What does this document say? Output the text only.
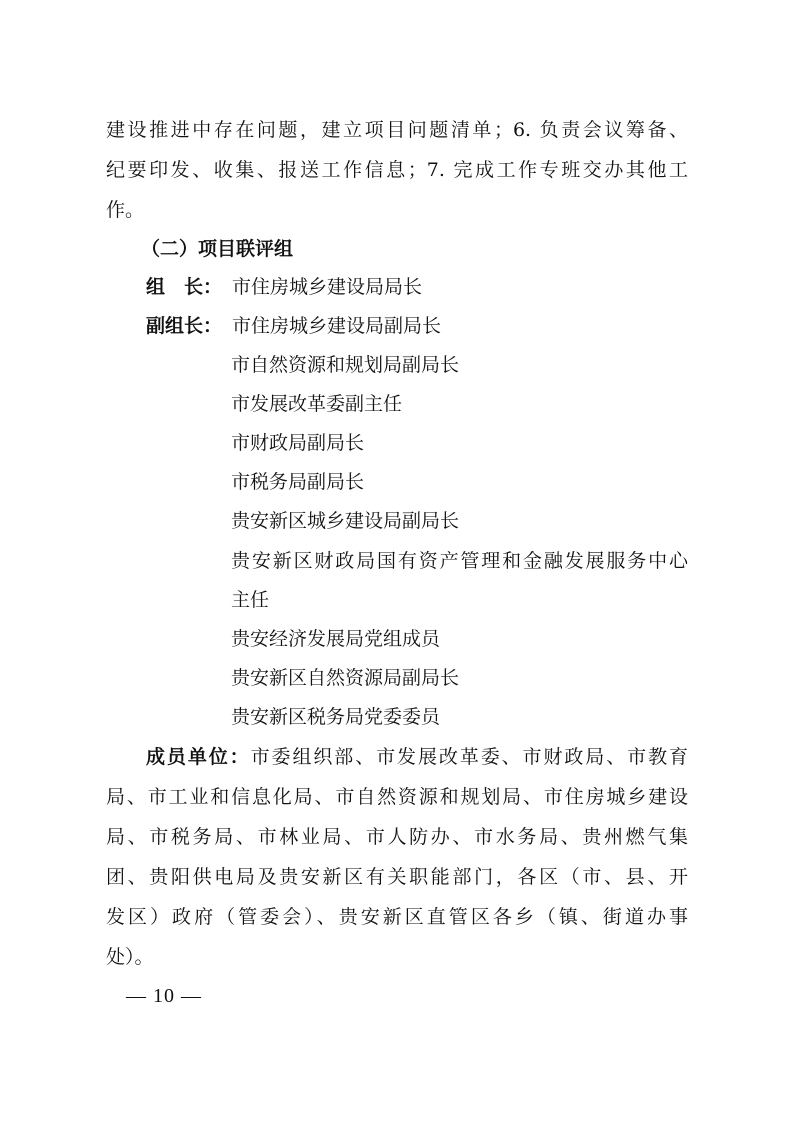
建设推进中存在问题，建立项目问题清单；6. 负责会议筹备、
纪要印发、收集、报送工作信息；7. 完成工作专班交办其他工
作。
（二）项目联评组
组　长： 市住房城乡建设局局长
副组长： 市住房城乡建设局副局长
市自然资源和规划局副局长
市发展改革委副主任
市财政局副局长
市税务局副局长
贵安新区城乡建设局副局长
贵安新区财政局国有资产管理和金融发展服务中心
主任
贵安经济发展局党组成员
贵安新区自然资源局副局长
贵安新区税务局党委委员
成员单位：市委组织部、市发展改革委、市财政局、市教育
局、市工业和信息化局、市自然资源和规划局、市住房城乡建设
局、市税务局、市林业局、市人防办、市水务局、贵州燃气集
团、贵阳供电局及贵安新区有关职能部门，各区（市、县、开
发区）政府（管委会）、贵安新区直管区各乡（镇、街道办事
处）。
— 10 —
